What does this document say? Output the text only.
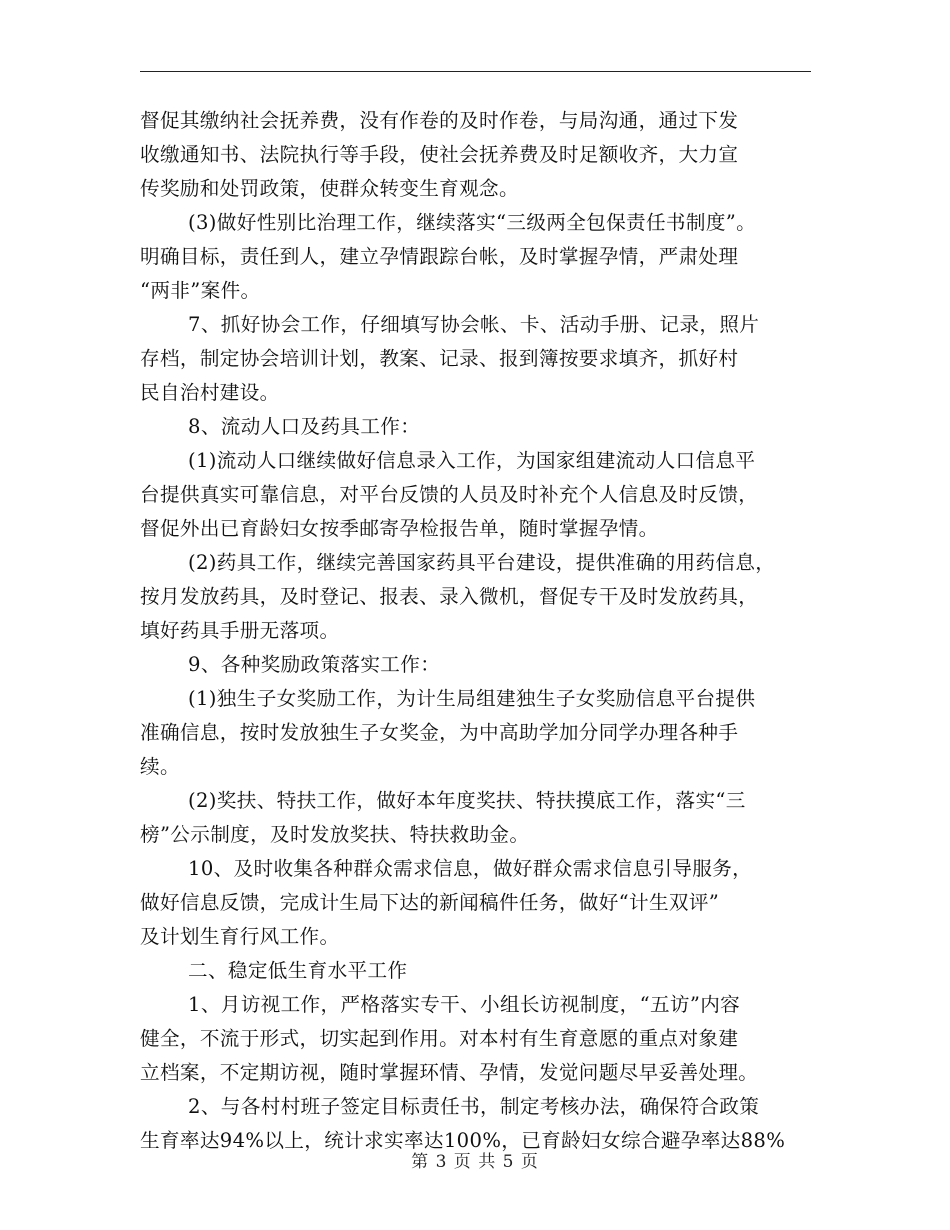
督促其缴纳社会抚养费，没有作卷的及时作卷，与局沟通，通过下发
收缴通知书、法院执行等手段，使社会抚养费及时足额收齐，大力宣
传奖励和处罚政策，使群众转变生育观念。
(3)做好性别比治理工作，继续落实“三级两全包保责任书制度”。
明确目标，责任到人，建立孕情跟踪台帐，及时掌握孕情，严肃处理
“两非”案件。
7、抓好协会工作，仔细填写协会帐、卡、活动手册、记录，照片
存档，制定协会培训计划，教案、记录、报到簿按要求填齐，抓好村
民自治村建设。
8、流动人口及药具工作：
(1)流动人口继续做好信息录入工作，为国家组建流动人口信息平
台提供真实可靠信息，对平台反馈的人员及时补充个人信息及时反馈，
督促外出已育龄妇女按季邮寄孕检报告单，随时掌握孕情。
(2)药具工作，继续完善国家药具平台建设，提供准确的用药信息，
按月发放药具，及时登记、报表、录入微机，督促专干及时发放药具，
填好药具手册无落项。
9、各种奖励政策落实工作：
(1)独生子女奖励工作，为计生局组建独生子女奖励信息平台提供
准确信息，按时发放独生子女奖金，为中高助学加分同学办理各种手
续。
(2)奖扶、特扶工作，做好本年度奖扶、特扶摸底工作，落实“三
榜”公示制度，及时发放奖扶、特扶救助金。
10、及时收集各种群众需求信息，做好群众需求信息引导服务，
做好信息反馈，完成计生局下达的新闻稿件任务，做好“计生双评”
及计划生育行风工作。
二、稳定低生育水平工作
1、月访视工作，严格落实专干、小组长访视制度，“五访”内容
健全，不流于形式，切实起到作用。对本村有生育意愿的重点对象建
立档案，不定期访视，随时掌握环情、孕情，发觉问题尽早妥善处理。
2、与各村村班子签定目标责任书，制定考核办法，确保符合政策
生育率达94%以上，统计求实率达100%，已育龄妇女综合避孕率达88%
第 3 页 共 5 页
